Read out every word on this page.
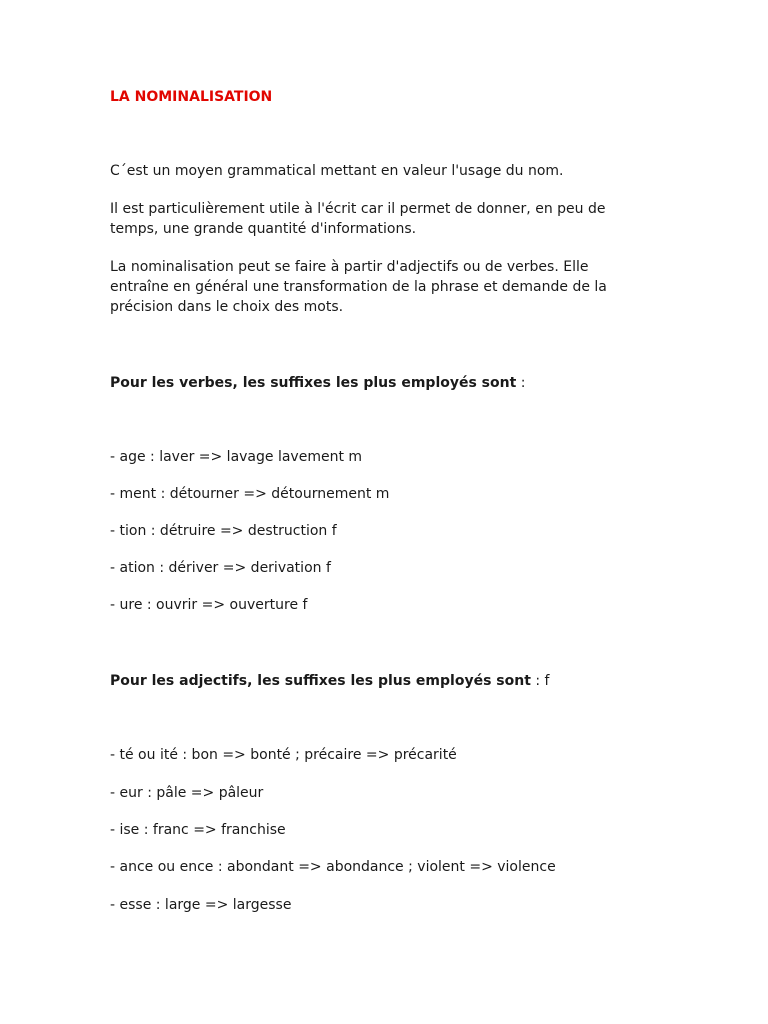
LA NOMINALISATION
C´est un moyen grammatical mettant en valeur l'usage du nom.
Il est particulièrement utile à l'écrit car il permet de donner, en peu de
temps, une grande quantité d'informations.
La nominalisation peut se faire à partir d'adjectifs ou de verbes. Elle
entraîne en général une transformation de la phrase et demande de la
précision dans le choix des mots.
Pour les verbes, les suffixes les plus employés sont :
- age : laver => lavage lavement m
- ment : détourner => détournement m
- tion : détruire => destruction f
- ation : dériver => derivation f
- ure : ouvrir => ouverture f
Pour les adjectifs, les suffixes les plus employés sont : f
- té ou ité : bon => bonté ; précaire => précarité
- eur : pâle => pâleur
- ise : franc => franchise
- ance ou ence : abondant => abondance ; violent => violence
- esse : large => largesse
